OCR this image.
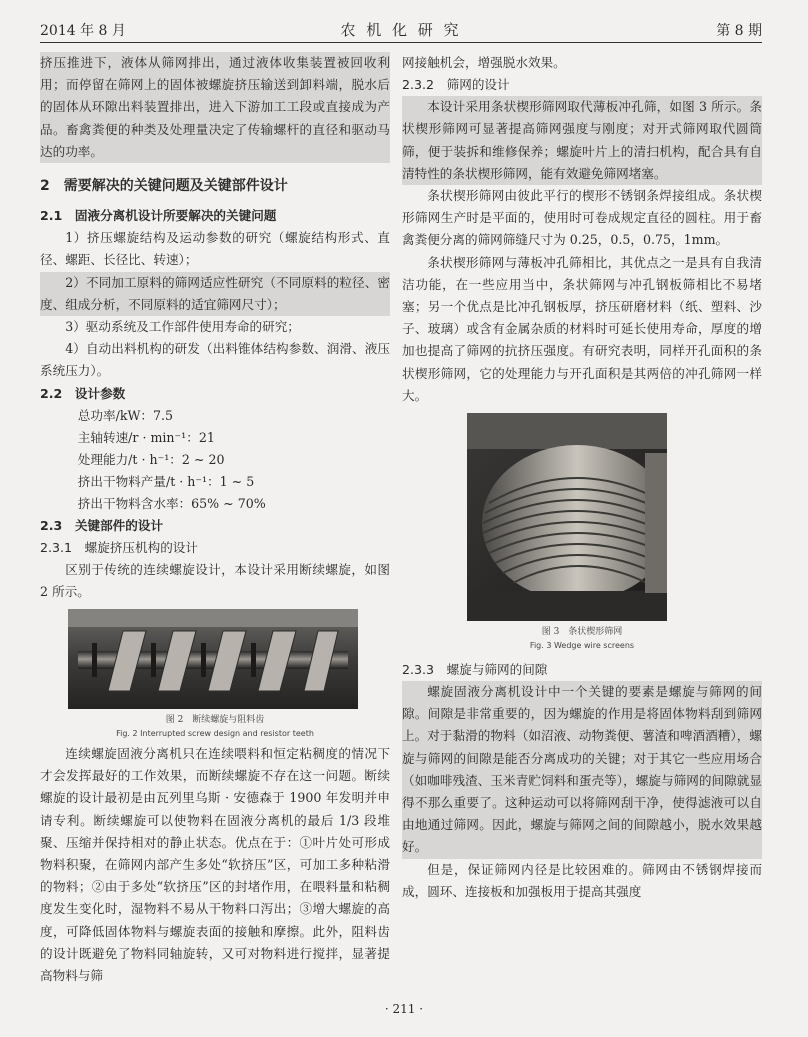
2014 年 8 月	农 机 化 研 究	第 8 期

挤压推进下，液体从筛网排出，通过液体收集装置被回收利用；而停留在筛网上的固体被螺旋挤压输送到卸料端，脱水后的固体从环隙出料装置排出，进入下游加工工段或直接成为产品。畜禽粪便的种类及处理量决定了传输螺杆的直径和驱动马达的功率。

2　需要解决的关键问题及关键部件设计
2.1　固液分离机设计所要解决的关键问题

1）挤压螺旋结构及运动参数的研究（螺旋结构形式、直径、螺距、长径比、转速）；

2）不同加工原料的筛网适应性研究（不同原料的粒径、密度、组成分析，不同原料的适宜筛网尺寸）；

3）驱动系统及工作部件使用寿命的研究；

4）自动出料机构的研发（出料锥体结构参数、润滑、液压系统压力）。

2.2　设计参数
总功率/kW：7.5
主轴转速/r · min⁻¹：21
处理能力/t · h⁻¹：2 ~ 20
挤出干物料产量/t · h⁻¹：1 ~ 5
挤出干物料含水率：65% ~ 70%
2.3　关键部件的设计
2.3.1　螺旋挤压机构的设计

区别于传统的连续螺旋设计，本设计采用断续螺旋，如图 2 所示。

图 2　断续螺旋与阻料齿
Fig. 2 Interrupted screw design and resistor teeth

连续螺旋固液分离机只在连续喂料和恒定粘稠度的情况下才会发挥最好的工作效果，而断续螺旋不存在这一问题。断续螺旋的设计最初是由瓦列里乌斯 · 安德森于 1900 年发明并申请专利。断续螺旋可以使物料在固液分离机的最后 1/3 段堆聚、压缩并保持相对的静止状态。优点在于：①叶片处可形成物料积聚，在筛网内部产生多处“软挤压”区，可加工多种粘滑的物料；②由于多处“软挤压”区的封堵作用，在喂料量和粘稠度发生变化时，湿物料不易从干物料口泻出；③增大螺旋的高度，可降低固体物料与螺旋表面的接触和摩擦。此外，阻料齿的设计既避免了物料同轴旋转，又可对物料进行搅拌，显著提高物料与筛

网接触机会，增强脱水效果。

2.3.2　筛网的设计

本设计采用条状楔形筛网取代薄板冲孔筛，如图 3 所示。条状楔形筛网可显著提高筛网强度与刚度；对开式筛网取代圆筒筛，便于装拆和维修保养；螺旋叶片上的清扫机构，配合具有自清特性的条状楔形筛网，能有效避免筛网堵塞。

条状楔形筛网由彼此平行的楔形不锈钢条焊接组成。条状楔形筛网生产时是平面的，使用时可卷成规定直径的圆柱。用于畜禽粪便分离的筛网筛缝尺寸为 0.25，0.5，0.75，1mm。

条状楔形筛网与薄板冲孔筛相比，其优点之一是具有自我清洁功能，在一些应用当中，条状筛网与冲孔钢板筛相比不易堵塞；另一个优点是比冲孔钢板厚，挤压研磨材料（纸、塑料、沙子、玻璃）或含有金属杂质的材料时可延长使用寿命，厚度的增加也提高了筛网的抗挤压强度。有研究表明，同样开孔面积的条状楔形筛网，它的处理能力与开孔面积是其两倍的冲孔筛网一样大。

图 3　条状楔形筛网
Fig. 3 Wedge wire screens
2.3.3　螺旋与筛网的间隙

螺旋固液分离机设计中一个关键的要素是螺旋与筛网的间隙。间隙是非常重要的，因为螺旋的作用是将固体物料刮到筛网上。对于黏滑的物料（如沼液、动物粪便、薯渣和啤酒酒糟），螺旋与筛网的间隙是能否分离成功的关键；对于其它一些应用场合（如咖啡残渣、玉米青贮饲料和蛋壳等），螺旋与筛网的间隙就显得不那么重要了。这种运动可以将筛网刮干净，使得滤液可以自由地通过筛网。因此，螺旋与筛网之间的间隙越小，脱水效果越好。

但是，保证筛网内径是比较困难的。筛网由不锈钢焊接而成，圆环、连接板和加强板用于提高其强度

· 211 ·
